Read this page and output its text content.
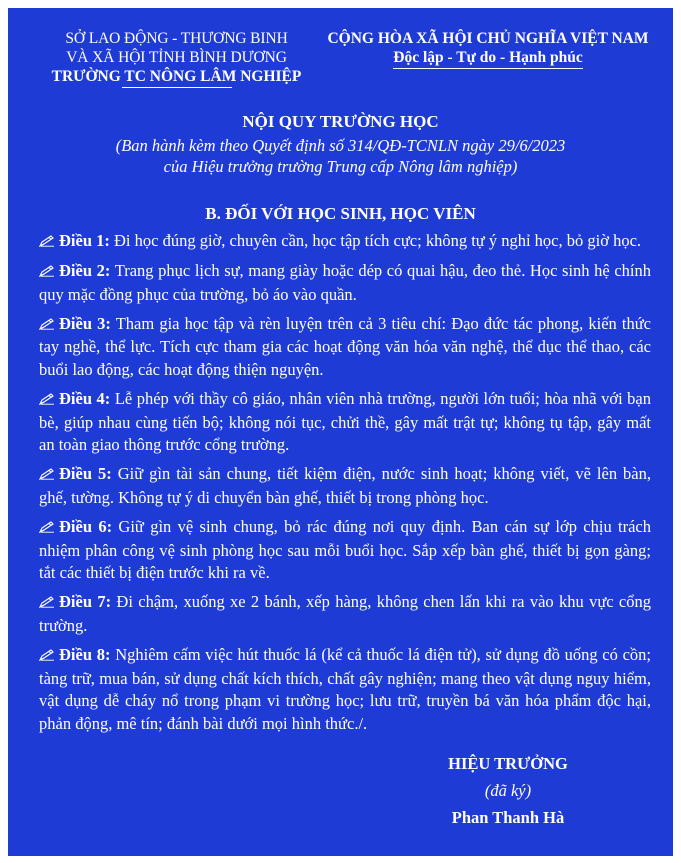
SỞ LAO ĐỘNG - THƯƠNG BINH
VÀ XÃ HỘI TỈNH BÌNH DƯƠNG
TRƯỜNG TC NÔNG LÂM NGHIỆP
CỘNG HÒA XÃ HỘI CHỦ NGHĨA VIỆT NAM
Độc lập - Tự do - Hạnh phúc
NỘI QUY TRƯỜNG HỌC
(Ban hành kèm theo Quyết định số 314/QĐ-TCNLN ngày 29/6/2023
của Hiệu trưởng trường Trung cấp Nông lâm nghiệp)
B. ĐỐI VỚI HỌC SINH, HỌC VIÊN

Điều 1: Đi học đúng giờ, chuyên cần, học tập tích cực; không tự ý nghỉ học, bỏ giờ học.

Điều 2: Trang phục lịch sự, mang giày hoặc dép có quai hậu, đeo thẻ. Học sinh hệ chính quy mặc đồng phục của trường, bỏ áo vào quần.

Điều 3: Tham gia học tập và rèn luyện trên cả 3 tiêu chí: Đạo đức tác phong, kiến thức tay nghề, thể lực. Tích cực tham gia các hoạt động văn hóa văn nghệ, thể dục thể thao, các buổi lao động, các hoạt động thiện nguyện.

Điều 4: Lễ phép với thầy cô giáo, nhân viên nhà trường, người lớn tuổi; hòa nhã với bạn bè, giúp nhau cùng tiến bộ; không nói tục, chửi thề, gây mất trật tự; không tụ tập, gây mất an toàn giao thông trước cổng trường.

Điều 5: Giữ gìn tài sản chung, tiết kiệm điện, nước sinh hoạt; không viết, vẽ lên bàn, ghế, tường. Không tự ý di chuyển bàn ghế, thiết bị trong phòng học.

Điều 6: Giữ gìn vệ sinh chung, bỏ rác đúng nơi quy định. Ban cán sự lớp chịu trách nhiệm phân công vệ sinh phòng học sau mỗi buổi học. Sắp xếp bàn ghế, thiết bị gọn gàng; tắt các thiết bị điện trước khi ra về.

Điều 7: Đi chậm, xuống xe 2 bánh, xếp hàng, không chen lấn khi ra vào khu vực cổng trường.

Điều 8: Nghiêm cấm việc hút thuốc lá (kể cả thuốc lá điện tử), sử dụng đồ uống có cồn; tàng trữ, mua bán, sử dụng chất kích thích, chất gây nghiện; mang theo vật dụng nguy hiểm, vật dụng dễ cháy nổ trong phạm vi trường học; lưu trữ, truyền bá văn hóa phẩm độc hại, phản động, mê tín; đánh bài dưới mọi hình thức./.

HIỆU TRƯỞNG
(đã ký)
Phan Thanh Hà
